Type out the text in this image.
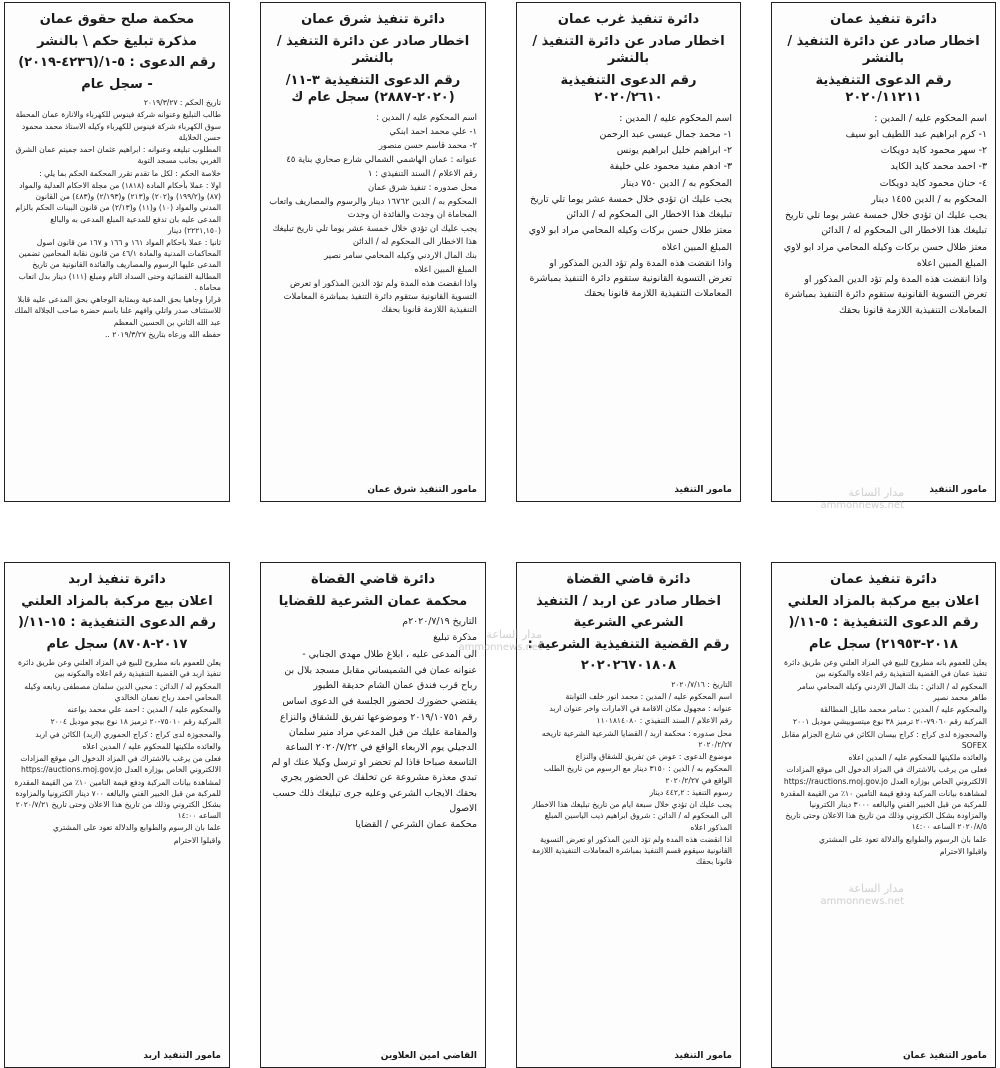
دائرة تنفيذ عمان
اخطار صادر عن دائرة التنفيذ / بالنشر
رقم الدعوى التنفيذية ٢٠٢٠/١١٢١١

اسم المحكوم عليه / المدين :

١- كرم ابراهيم عبد اللطيف ابو سيف

٢- سهر محمود كايد دويكات

٣- احمد محمد كايد الكايد

٤- حنان محمود كايد دويكات

المحكوم به / الدين ١٤٥٥ دينار

يجب عليك ان تؤدي خلال خمسة عشر يوما تلي تاريخ تبليغك هذا الاخطار الى المحكوم له / الدائن

معتز طلال حسن بركات وكيله المحامي مراد ابو لاوي

المبلغ المبين اعلاه

واذا انقضت هذه المدة ولم تؤد الدين المذكور او تعرض التسوية القانونية ستقوم دائرة التنفيذ بمباشرة المعاملات التنفيذية اللازمة قانونا بحقك

مامور التنفيذ
دائرة تنفيذ غرب عمان
اخطار صادر عن دائرة التنفيذ / بالنشر
رقم الدعوى التنفيذية ٢٠٢٠/٢٦١٠

اسم المحكوم عليه / المدين :

١- محمد جمال عيسى عبد الرحمن

٢- ابراهيم خليل ابراهيم يونس

٣- ادهم مفيد محمود علي خليفة

المحكوم به / الدين ٧٥٠ دينار

يجب عليك ان تؤدي خلال خمسة عشر يوما تلي تاريخ تبليغك هذا الاخطار الى المحكوم له / الدائن

معتز طلال حسن بركات وكيله المحامي مراد ابو لاوي

المبلغ المبين اعلاه

واذا انقضت هذه المدة ولم تؤد الدين المذكور او تعرض التسوية القانونية ستقوم دائرة التنفيذ بمباشرة المعاملات التنفيذية اللازمة قانونا بحقك

مامور التنفيذ
دائرة تنفيذ شرق عمان
اخطار صادر عن دائرة التنفيذ / بالنشر
رقم الدعوى التنفيذية ٣-١١/ (٢٠٢٠-٢٨٨٧) سجل عام ك

اسم المحكوم عليه / المدين :

١- علي محمد احمد ابنكي

٢- محمد قاسم حسن منصور

عنوانه : عمان الهاشمي الشمالي شارع صحاري بناية ٤٥

رقم الاعلام / السند التنفيذي : ١

محل صدوره : تنفيذ شرق عمان

المحكوم به / الدين ١٦٧٦٢ دينار والرسوم والمصاريف واتعاب المحاماة ان وجدت والفائدة ان وجدت

يجب عليك ان تؤدي خلال خمسة عشر يوما تلي تاريخ تبليغك هذا الاخطار الى المحكوم له / الدائن

بنك المال الاردني وكيله المحامي سامر نصير

المبلغ المبين اعلاه

واذا انقضت هذه المدة ولم تؤد الدين المذكور او تعرض التسوية القانونية ستقوم دائرة التنفيذ بمباشرة المعاملات التنفيذية اللازمة قانونا بحقك

مامور التنفيذ شرق عمان
محكمة صلح حقوق عمان
مذكرة تبليغ حكم \ بالنشر
رقم الدعوى : ٥-١/(٤٢٣٦-٢٠١٩)
- سجل عام

تاريخ الحكم : ٢٠١٩/٣/٢٧

طالب التبليغ وعنوانه شركة فينوس للكهرباء والانارة عمان المحطة سوق الكهرباء شركة فينوس للكهرباء وكيله الاستاذ محمد محمود حسن الخلايلة

المطلوب تبليغه وعنوانه : ابراهيم عثمان احمد جميتم عمان الشرق الغربي بجانب مسجد التوبة

خلاصة الحكم : لكل ما تقدم تقرر المحكمة الحكم بما يلي :

اولا : عملا بأحكام المادة (١٨١٨) من مجلة الاحكام العدلية والمواد (٨٧) و(١٩٩/٢) و(٢٠٢) و(٢١٣) و(٢/١٩٣) و(٤٨٣) من القانون المدني والمواد (١٠) و(١١) و(٢/١٣) من قانون البينات الحكم بالزام المدعى عليه بان تدفع للمدعية المبلغ المدعى به والبالغ (٢٢٢١,١٥٠) دينار

ثانيا : عملا باحكام المواد ١٦١ و ١٦٦ و ١٦٧ من قانون اصول المحاكمات المدنية والمادة ٤٦/١ من قانون نقابة المحامين تضمين المدعى عليها الرسوم والمصاريف والفائدة القانونية من تاريخ المطالبة القضائية وحتى السداد التام ومبلغ (١١١) دينار بدل اتعاب محاماة .

قرارا وجاهيا بحق المدعية وبمثابة الوجاهي بحق المدعى عليه قابلا للاستئناف صدر واتلي وافهم علنا باسم حضرة صاحب الجلالة الملك عبد الله الثاني بن الحسين المعظم

حفظه الله ورعاه بتاريخ ٢٠١٩/٣/٢٧ ..

دائرة تنفيذ عمان
اعلان بيع مركبة بالمزاد العلني
رقم الدعوى التنفيذية : ٥-١١/(
٢٠١٨-٢١٩٥٣) سجل عام

يعلن للعموم بانه مطروح للبيع في المزاد العلني وعن طريق دائرة تنفيذ عمان في القضية التنفيذية رقم اعلاه والمكونه بين

المحكوم له / الدائن : بنك المال الاردني وكيله المحامي سامر طاهر محمد نصير

والمحكوم عليه / المدين : سامر محمد طايل المطالقة

المركبة رقم ٧٩٠٦٠-٢٠ ترميز ٣٨ نوع ميتسوبيشي موديل ٢٠٠١

والمحجوزة لدى كراج : كراج بيسان الكائن في شارع الجزام مقابل SOFEX

والعائده ملكيتها للمحكوم عليه / المدين اعلاه

فعلى من يرغب بالاشتراك في المزاد الدخول الى موقع المزادات الالكتروني الخاص بوزارة العدل https://rauctions.moj.gov.jo

لمشاهدة بيانات المركبة ودفع قيمة التامين ١٠٪ من القيمة المقدرة للمركبة من قبل الخبير الفني والبالغه ٣٠٠٠ دينار الكترونيا والمزاودة بشكل الكتروني وذلك من تاريخ هذا الاعلان وحتى تاريخ ٢٠٢٠/٨/٥ الساعه ١٤:٠٠

علما بان الرسوم والطوابع والدلالة تعود على المشتري

واقبلوا الاحترام

مامور التنفيذ عمان
دائرة قاضي القضاة
اخطار صادر عن اربد / التنفيذ
الشرعي الشرعية
رقم القضية التنفيذية الشرعية :
٢٠٢٠٢٦٧٠١٨٠٨

التاريخ : ٢٠٢٠/٧/١٦

اسم المحكوم عليه / المدين : محمد انور خلف الثوابتة

عنوانه : مجهول مكان الاقامة في الامارات واخر عنوان اربد

رقم الاعلام / السند التنفيذي : ١١٠١٨١٤٠٨٠

محل صدوره : محكمة اربد / القضايا الشرعية الشرعية تاريخه ٢٠٢٠/٢/٢٧

موضوع الدعوى : عوض عن تفريق للشقاق والنزاع

المحكوم به / الدين : ٣١٥٠ دينار مع الرسوم من تاريخ الطلب الواقع في ٢٠٢٠/٢/٢٧

رسوم التنفيذ : ٤٤٢,٢ دينار

يجب عليك ان تؤدي خلال سبعة ايام من تاريخ تبليغك هذا الاخطار الى المحكوم له / الدائن : شروق ابراهيم ذيب الياسين المبلغ المذكور اعلاه

اذا انقضت هذه المدة ولم تؤد الدين المذكور او تعرض التسوية القانونية سيقوم قسم التنفيذ بمباشرة المعاملات التنفيذية اللازمة قانونا بحقك

مامور التنفيذ
دائرة قاضي القضاة
محكمة عمان الشرعية للقضايا

التاريخ ٢٠٢٠/٧/١٩م

مذكرة تبليغ

الى المدعى عليه ، ابلاغ طلال مهدي الجنابي -

عنوانه عمان في الشميساني مقابل مسجد بلال بن رباح قرب فندق عمان الشام حديقة الطيور

يقتضي حضورك لحضور الجلسة في الدعوى اساس رقم ٢٠١٩/١٠٧٥١ وموضوعها تفريق للشقاق والنزاع والمقامة عليك من قبل المدعي مراد منير سلمان الدجيلي يوم الاربعاء الواقع في ٢٠٢٠/٧/٢٢ الساعة التاسعة صباحا فاذا لم تحضر او ترسل وكيلا عنك او لم تبدي معذرة مشروعة عن تخلفك عن الحضور يجري بحقك الايجاب الشرعي وعليه جرى تبليغك ذلك حسب الاصول

محكمة عمان الشرعي / القضايا

القاضي امين العلاوين
دائرة تنفيذ اربد
اعلان بيع مركبة بالمزاد العلني
رقم الدعوى التنفيذية : ١٥-١١/(
٢٠١٧-٨٧٠٨) سجل عام

يعلن للعموم بانه مطروح للبيع في المزاد العلني وعن طريق دائرة تنفيذ اربد في القضية التنفيذية رقم اعلاه والمكونه بين

المحكوم له / الدائن : محيي الدين سلمان مصطفى ربابعه وكيله المحامي احمد رباح نعمان الخالدي

والمحكوم عليه / المدين : احمد علي محمد بواعنه

المركبة رقم ٧٥٠١٠-٢٠ ترميز ١٨ نوع بيجو موديل ٢٠٠٤

والمحجوزة لدى كراج : كراج الحموري (اربد) الكائن في اربد

والعائده ملكيتها للمحكوم عليه / المدين اعلاه

فعلى من يرغب بالاشتراك في المزاد الدخول الى موقع المزادات الالكتروني الخاص بوزارة العدل https://auctions.moj.gov.jo

لمشاهدة بيانات المركبة ودفع قيمة التامين ١٠٪ من القيمة المقدرة للمركبة من قبل الخبير الفني والبالغه ٧٠٠ دينار الكترونيا والمزاودة بشكل الكتروني وذلك من تاريخ هذا الاعلان وحتى تاريخ ٢٠٢٠/٧/٢١ الساعه ١٤:٠٠

علما بان الرسوم والطوابع والدلالة تعود على المشتري

واقبلوا الاحترام

مامور التنفيذ اربد
مدار الساعة
ammonnews.net
مدار الساعة
ammonnews.net
مدار الساعة
ammonnews.net
